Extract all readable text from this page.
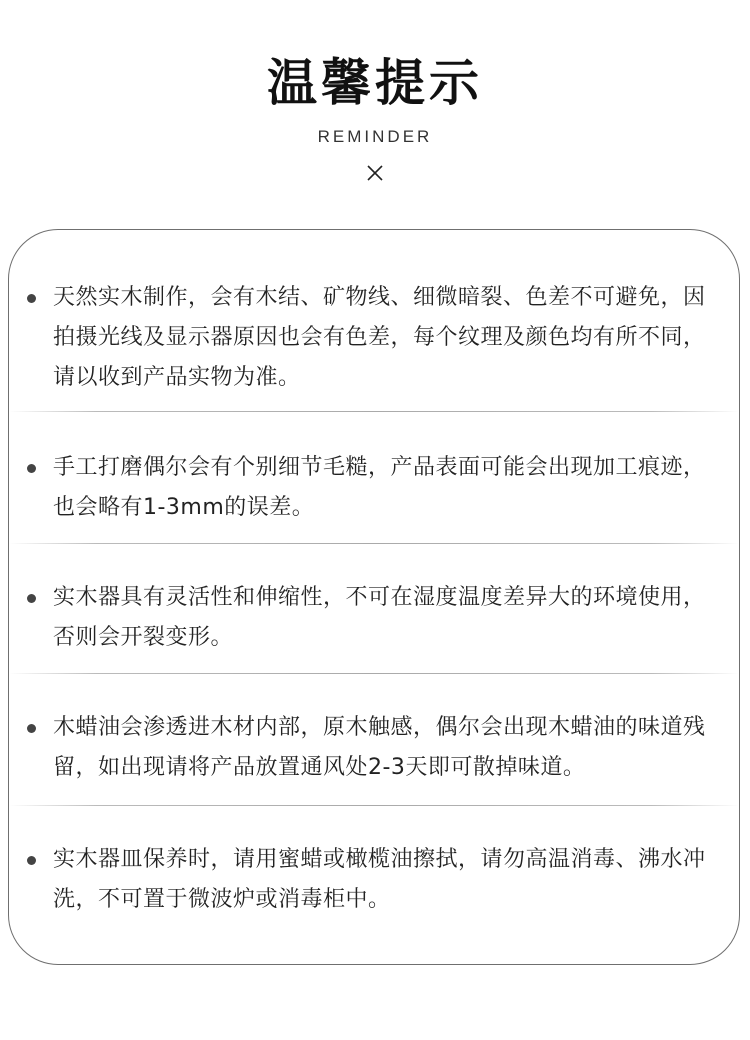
温馨提示
REMINDER
天然实木制作，会有木结、矿物线、细微暗裂、色差不可避免，因拍摄光线及显示器原因也会有色差，每个纹理及颜色均有所不同，请以收到产品实物为准。
手工打磨偶尔会有个别细节毛糙，产品表面可能会出现加工痕迹，也会略有1-3mm的误差。
实木器具有灵活性和伸缩性，不可在湿度温度差异大的环境使用，否则会开裂变形。
木蜡油会渗透进木材内部，原木触感，偶尔会出现木蜡油的味道残留，如出现请将产品放置通风处2-3天即可散掉味道。
实木器皿保养时，请用蜜蜡或橄榄油擦拭，请勿高温消毒、沸水冲洗，不可置于微波炉或消毒柜中。
